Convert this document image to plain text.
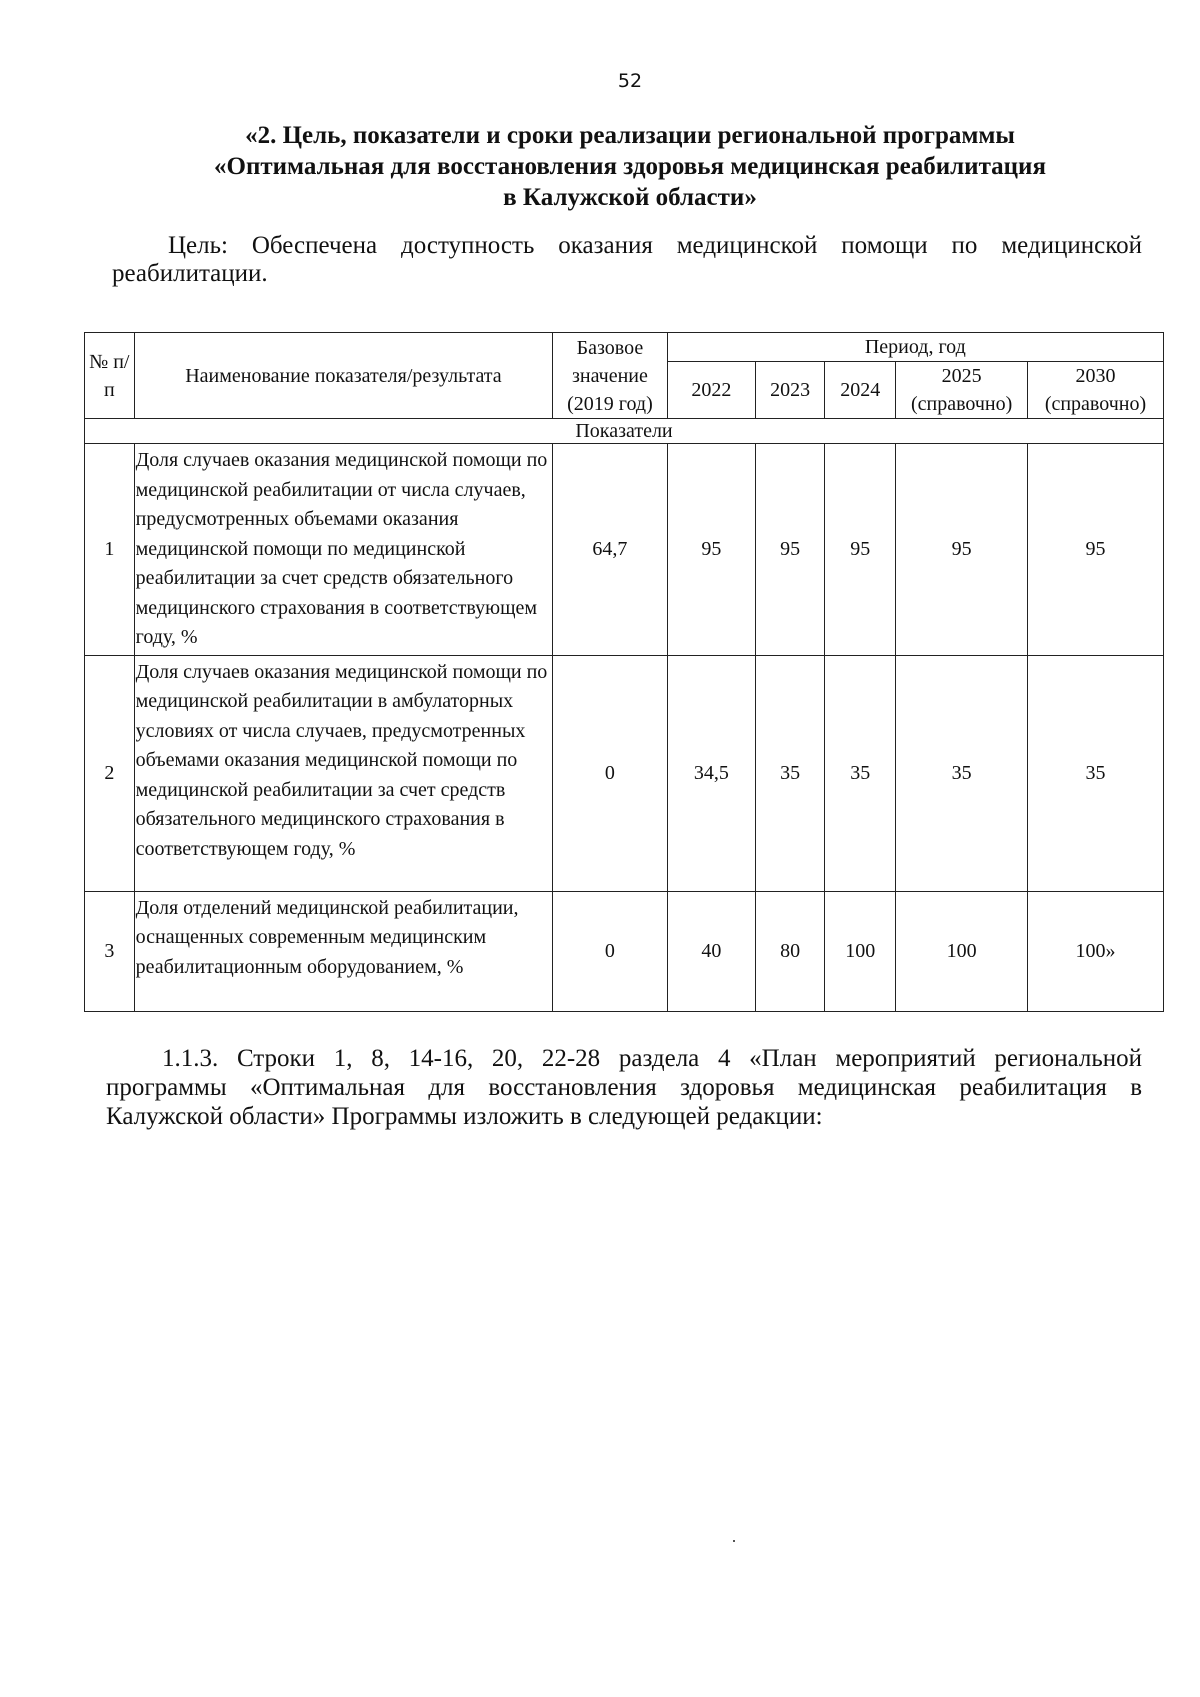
52
«2. Цель, показатели и сроки реализации региональной программы
«Оптимальная для восстановления здоровья медицинская реабилитация
в Калужской области»
Цель: Обеспечена доступность оказания медицинской помощи по медицинской
реабилитации.
№ п/п	Наименование показателя/результата	Базовое значение (2019 год)	Период, год				
			2022	2023	2024	2025 (справочно)	2030 (справочно)
Показатели							
1	Доля случаев оказания медицинской помощи по медицинской реабилитации от числа случаев, предусмотренных объемами оказания медицинской помощи по медицинской реабилитации за счет средств обязательного медицинского страхования в соответствующем году, %	64,7	95	95	95	95	95
2	Доля случаев оказания медицинской помощи по медицинской реабилитации в амбулаторных условиях от числа случаев, предусмотренных объемами оказания медицинской помощи по медицинской реабилитации за счет средств обязательного медицинского страхования в соответствующем году, %	0	34,5	35	35	35	35
3	Доля отделений медицинской реабилитации, оснащенных современным медицинским реабилитационным оборудованием, %	0	40	80	100	100	100»
1.1.3. Строки 1, 8, 14-16, 20, 22-28 раздела 4 «План мероприятий региональной
программы «Оптимальная для восстановления здоровья медицинская реабилитация в
Калужской области» Программы изложить в следующей редакции:
